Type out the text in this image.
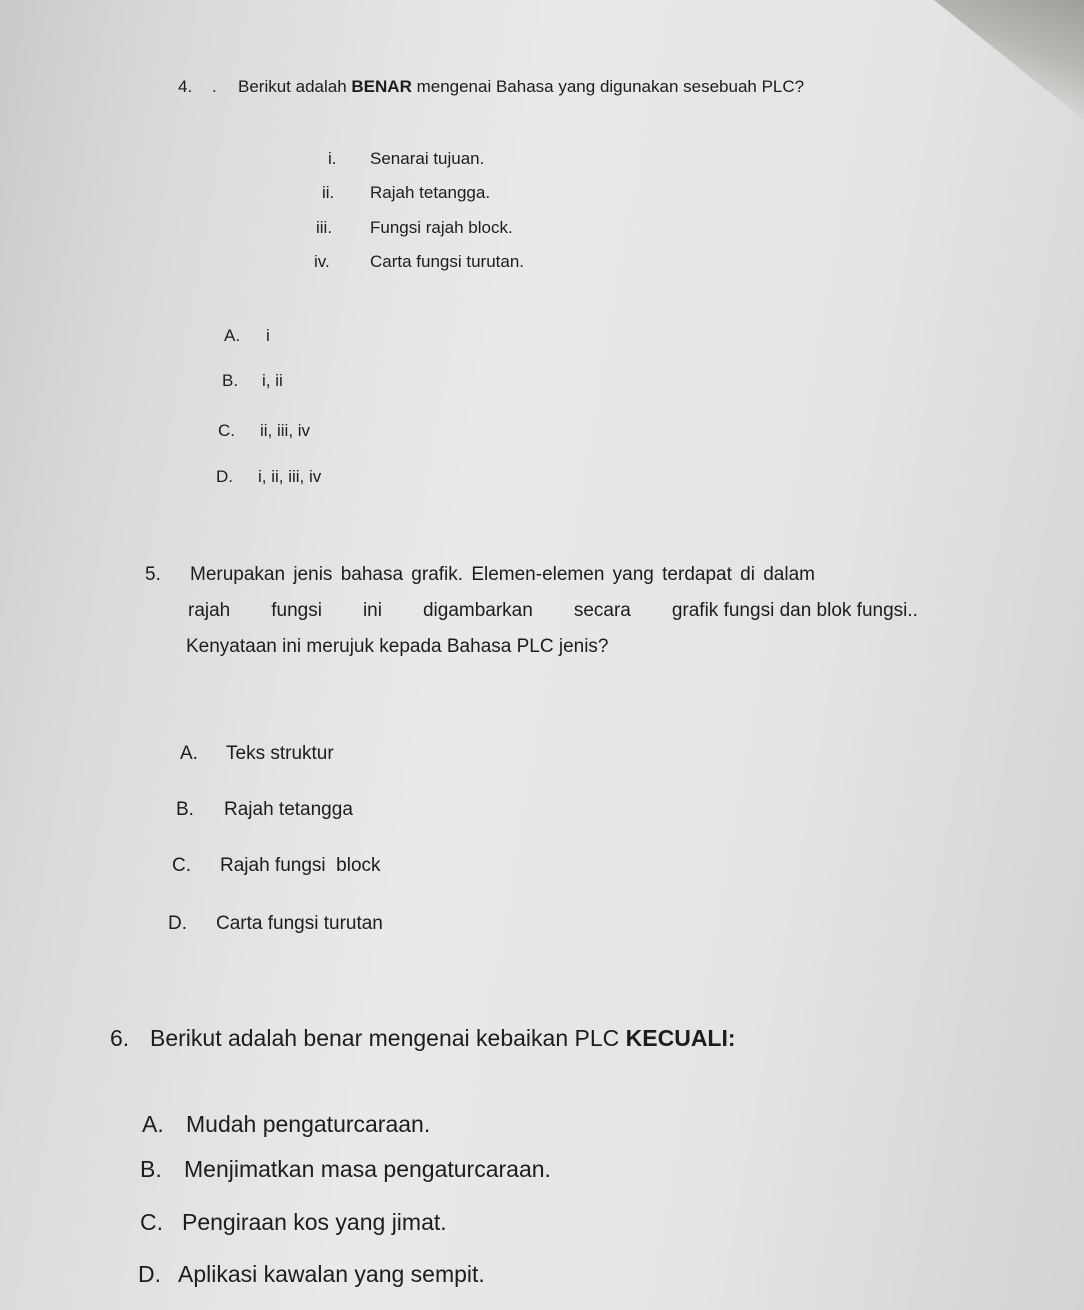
4. . Berikut adalah BENAR mengenai Bahasa yang digunakan sesebuah PLC?
i. Senarai tujuan.
ii. Rajah tetangga.
iii. Fungsi rajah block.
iv. Carta fungsi turutan.
A. i
B. i, ii
C. ii, iii, iv
D. i, ii, iii, iv
5. Merupakan jenis bahasa grafik. Elemen-elemen yang terdapat di dalam
rajah fungsi ini digambarkan secara grafik fungsi dan blok fungsi..
Kenyataan ini merujuk kepada Bahasa PLC jenis?
A. Teks struktur
B. Rajah tetangga
C. Rajah fungsi  block
D. Carta fungsi turutan
6. Berikut adalah benar mengenai kebaikan PLC KECUALI:
A. Mudah pengaturcaraan.
B. Menjimatkan masa pengaturcaraan.
C. Pengiraan kos yang jimat.
D. Aplikasi kawalan yang sempit.
